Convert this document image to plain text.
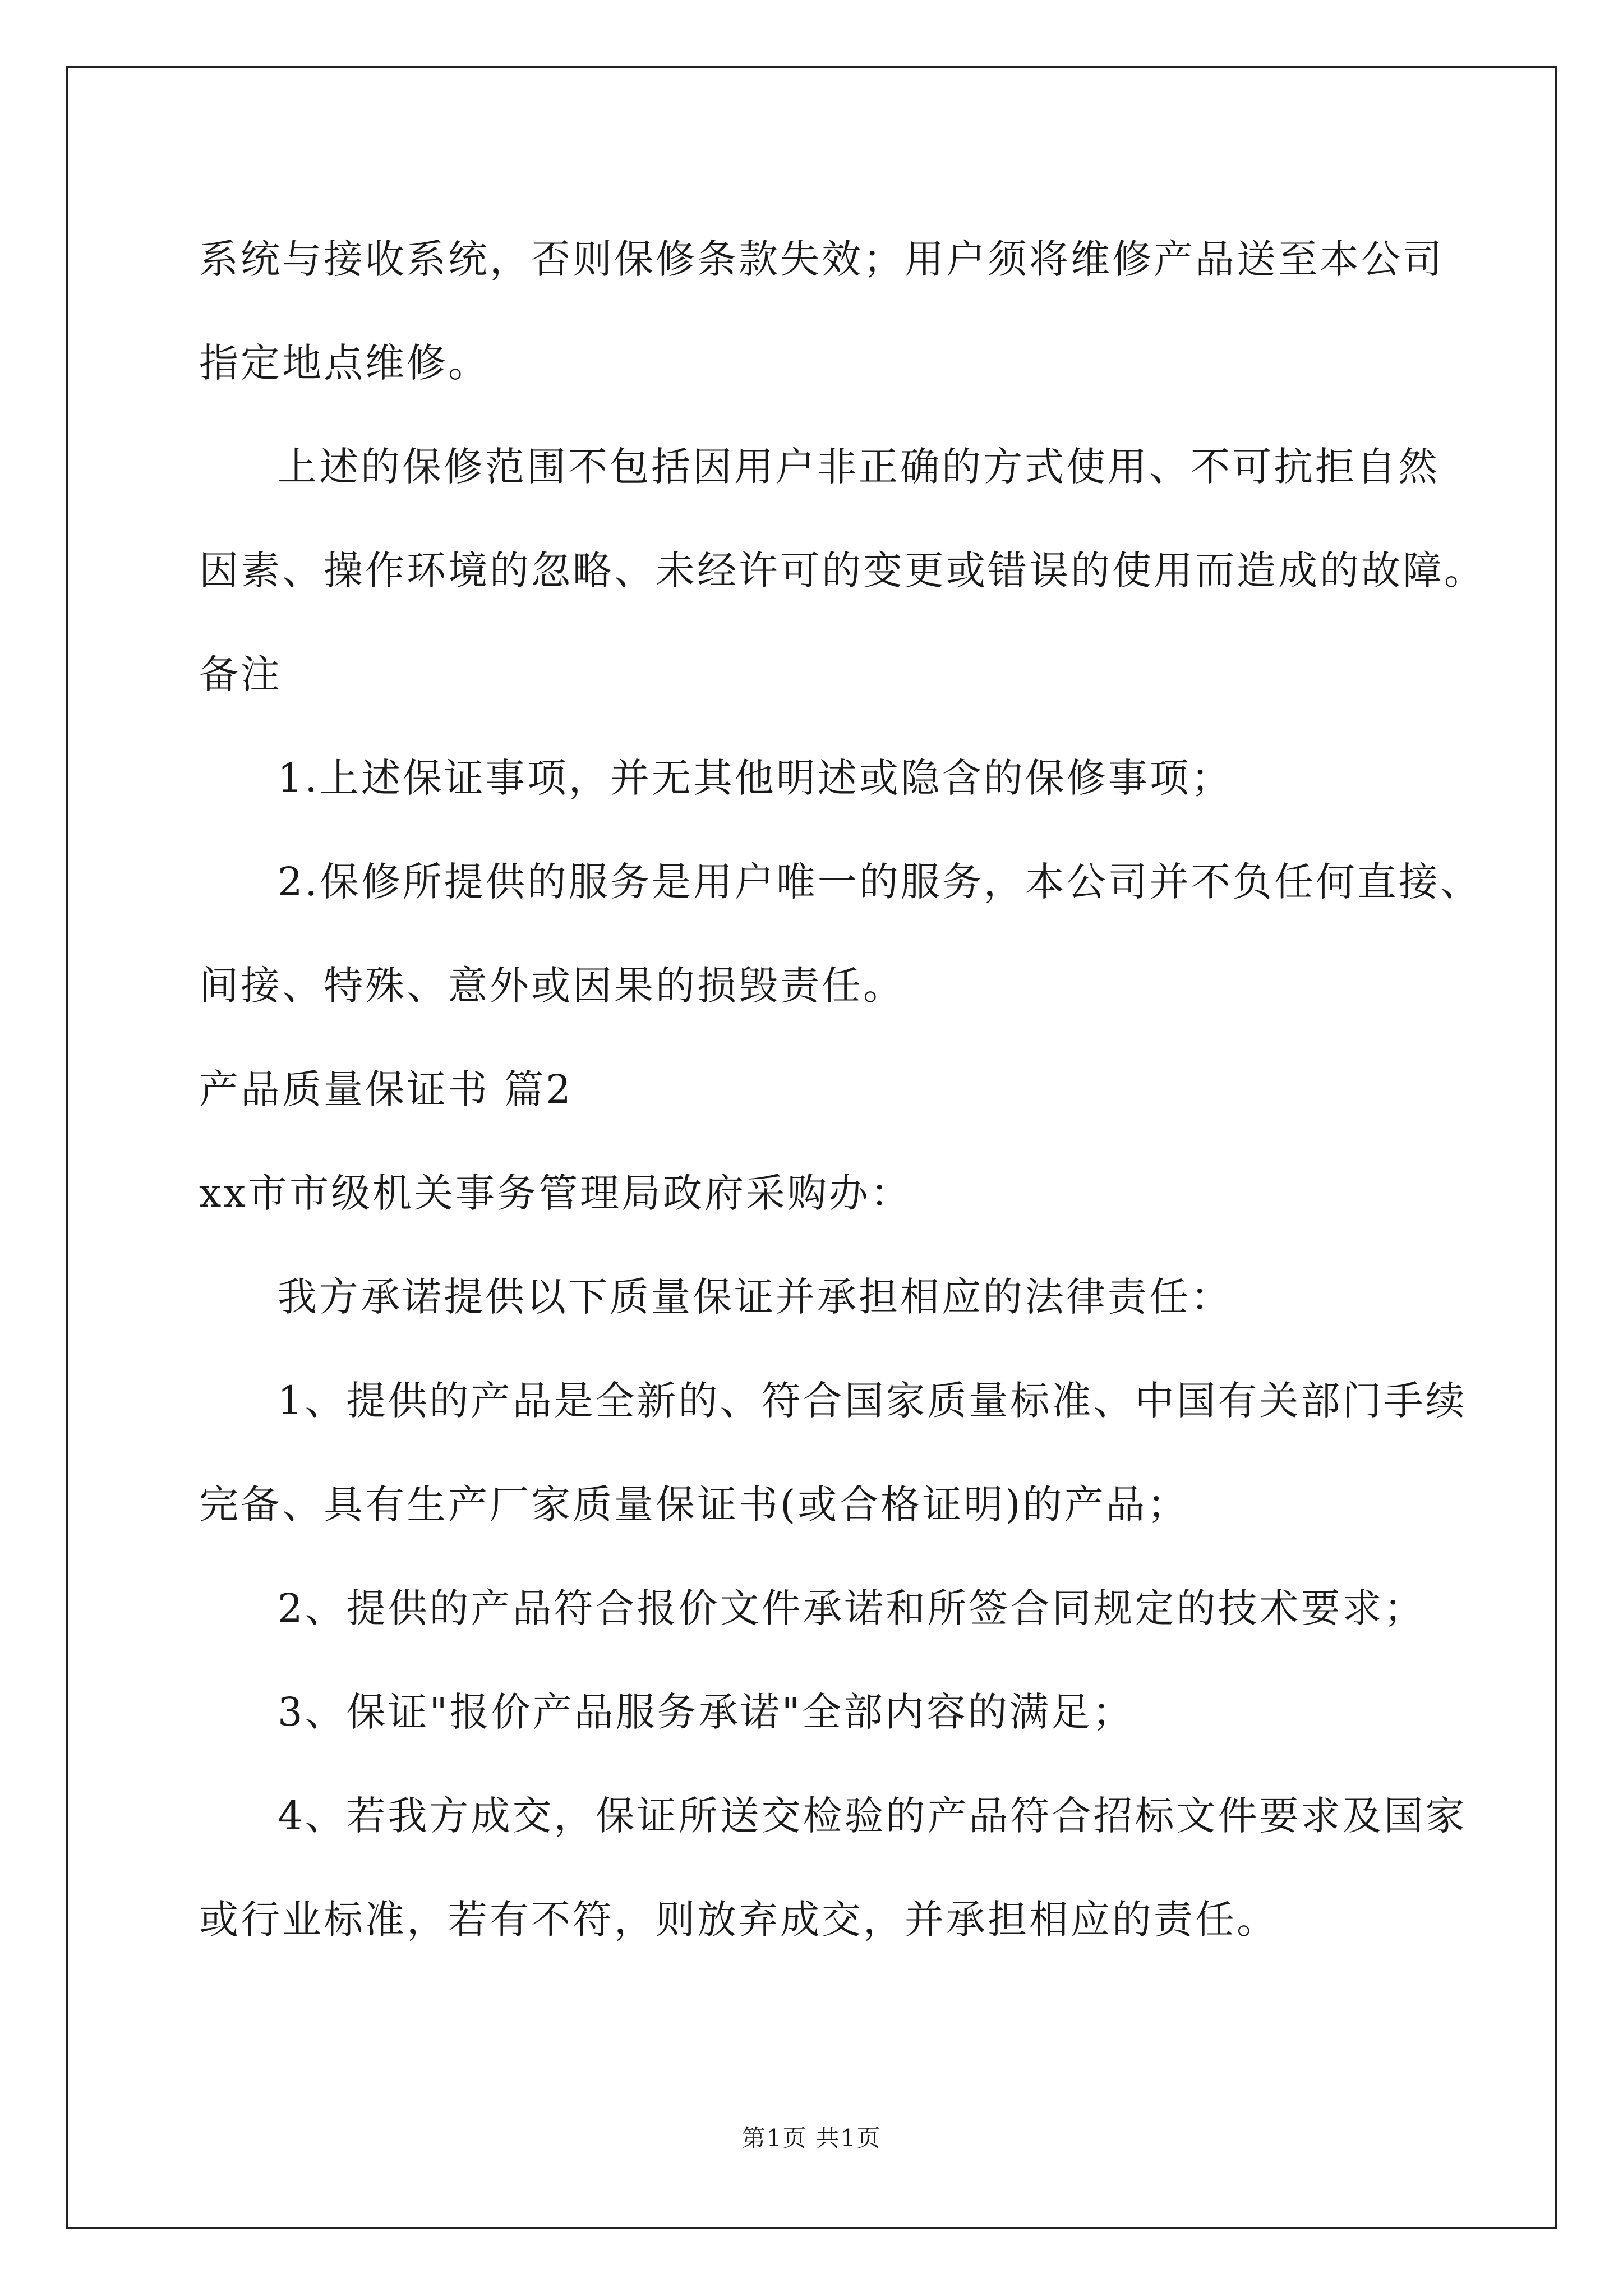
系统与接收系统，否则保修条款失效；用户须将维修产品送至本公司
指定地点维修。
上述的保修范围不包括因用户非正确的方式使用、不可抗拒自然
因素、操作环境的忽略、未经许可的变更或错误的使用而造成的故障。
备注
1.上述保证事项，并无其他明述或隐含的保修事项；
2.保修所提供的服务是用户唯一的服务，本公司并不负任何直接、
间接、特殊、意外或因果的损毁责任。
产品质量保证书 篇2
xx市市级机关事务管理局政府采购办：
我方承诺提供以下质量保证并承担相应的法律责任：
1、提供的产品是全新的、符合国家质量标准、中国有关部门手续
完备、具有生产厂家质量保证书(或合格证明)的产品；
2、提供的产品符合报价文件承诺和所签合同规定的技术要求；
3、保证"报价产品服务承诺"全部内容的满足；
4、若我方成交，保证所送交检验的产品符合招标文件要求及国家
或行业标准，若有不符，则放弃成交，并承担相应的责任。
第1页 共1页
